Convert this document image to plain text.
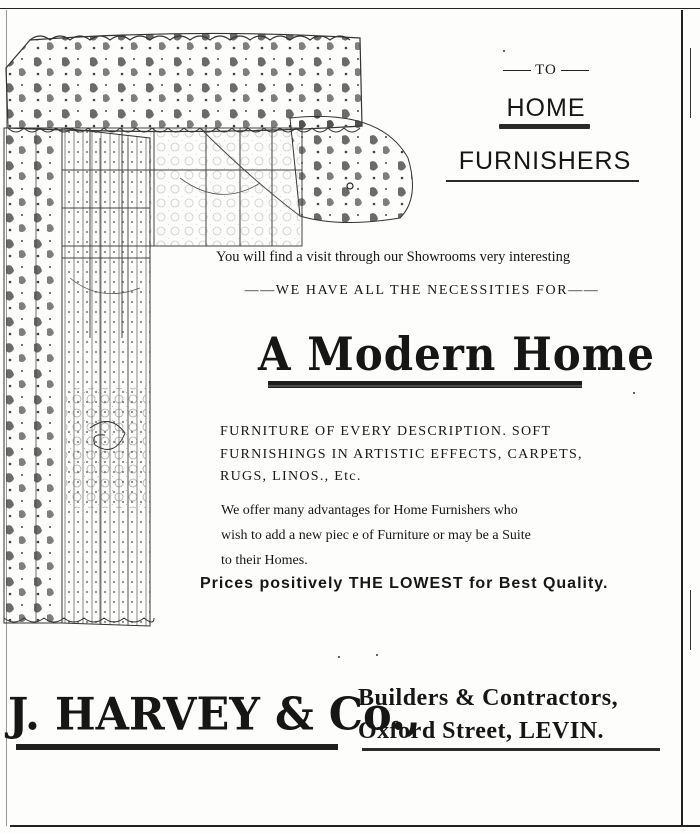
TO
HOME
FURNISHERS
You will find a visit through our Showrooms very interesting
——WE HAVE ALL THE NECESSITIES FOR——
A Modern Home
FURNITURE OF EVERY DESCRIPTION. SOFT
FURNISHINGS IN ARTISTIC EFFECTS, CARPETS,
RUGS, LINOS., Etc.
We offer many advantages for Home Furnishers who
wish to add a new piec e of Furniture or may be a Suite
to their Homes.
Prices positively THE LOWEST for Best Quality.
J. HARVEY & Co.,
Builders & Contractors,
Oxford Street, LEVIN.
